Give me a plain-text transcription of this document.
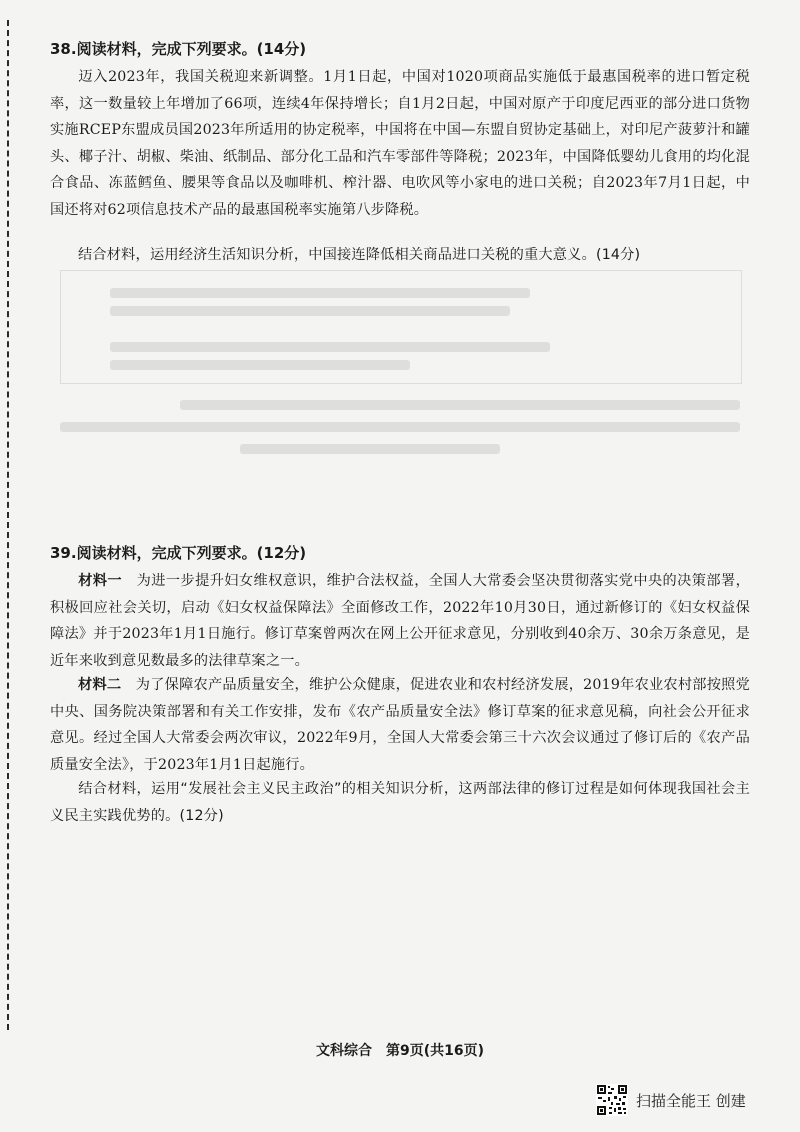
38.阅读材料，完成下列要求。(14分)
迈入2023年，我国关税迎来新调整。1月1日起，中国对1020项商品实施低于最惠国税率的进口暂定税率，这一数量较上年增加了66项，连续4年保持增长；自1月2日起，中国对原产于印度尼西亚的部分进口货物实施RCEP东盟成员国2023年所适用的协定税率，中国将在中国—东盟自贸协定基础上，对印尼产菠萝汁和罐头、椰子汁、胡椒、柴油、纸制品、部分化工品和汽车零部件等降税；2023年，中国降低婴幼儿食用的均化混合食品、冻蓝鳕鱼、腰果等食品以及咖啡机、榨汁器、电吹风等小家电的进口关税；自2023年7月1日起，中国还将对62项信息技术产品的最惠国税率实施第八步降税。
结合材料，运用经济生活知识分析，中国接连降低相关商品进口关税的重大意义。(14分)
39.阅读材料，完成下列要求。(12分)
材料一　 为进一步提升妇女维权意识，维护合法权益，全国人大常委会坚决贯彻落实党中央的决策部署，积极回应社会关切，启动《妇女权益保障法》全面修改工作，2022年10月30日，通过新修订的《妇女权益保障法》并于2023年1月1日施行。修订草案曾两次在网上公开征求意见，分别收到40余万、30余万条意见，是近年来收到意见数最多的法律草案之一。
材料二　 为了保障农产品质量安全，维护公众健康，促进农业和农村经济发展，2019年农业农村部按照党中央、国务院决策部署和有关工作安排，发布《农产品质量安全法》修订草案的征求意见稿，向社会公开征求意见。经过全国人大常委会两次审议，2022年9月，全国人大常委会第三十六次会议通过了修订后的《农产品质量安全法》，于2023年1月1日起施行。
结合材料，运用“发展社会主义民主政治”的相关知识分析，这两部法律的修订过程是如何体现我国社会主义民主实践优势的。(12分)
文科综合　第9页(共16页)
扫描全能王 创建
